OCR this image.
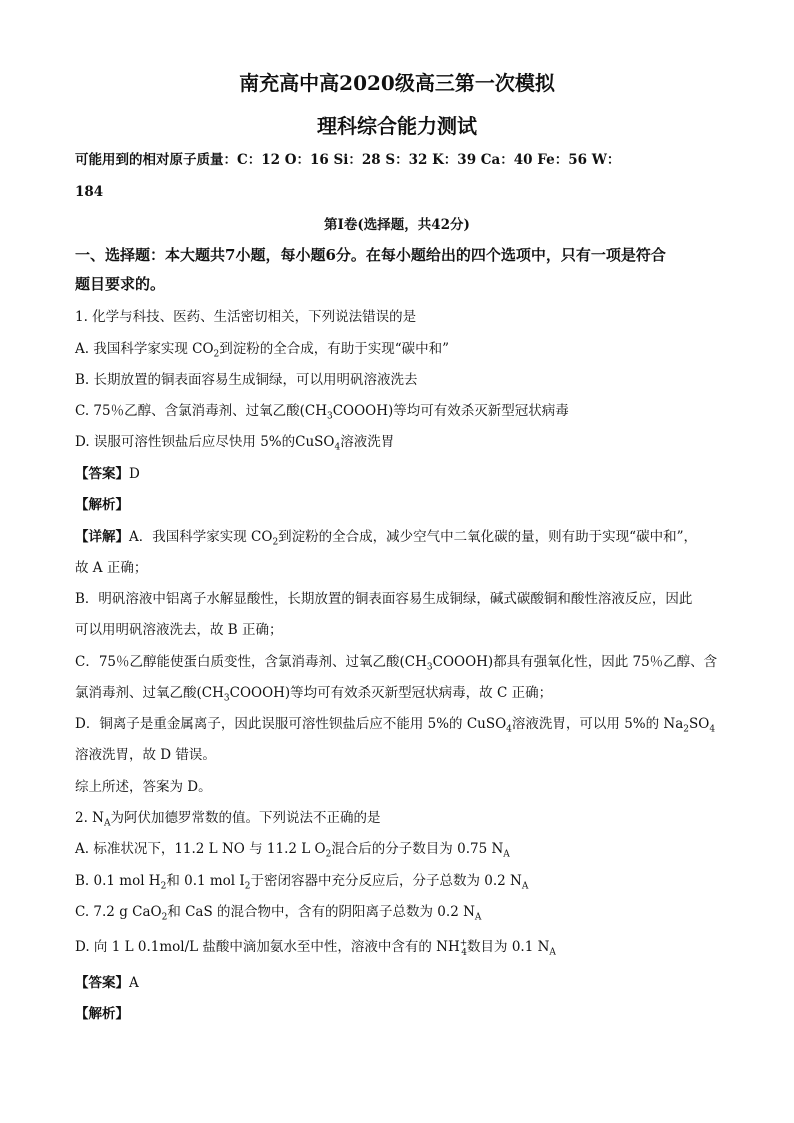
南充高中高2020级高三第一次模拟
理科综合能力测试
可能用到的相对原子质量：C：12 O：16 Si：28 S：32 K：39 Ca：40 Fe：56 W：
184
第Ⅰ卷(选择题，共42分)
一、选择题：本大题共7小题，每小题6分。在每小题给出的四个选项中，只有一项是符合
题目要求的。
1. 化学与科技、医药、生活密切相关，下列说法错误的是
A. 我国科学家实现 $CO_2$到淀粉的全合成，有助于实现“碳中和”
B. 长期放置的铜表面容易生成铜绿，可以用明矾溶液洗去
C. 75％乙醇、含氯消毒剂、过氧乙酸$(CH_3COOOH)$等均可有效杀灭新型冠状病毒
D. 误服可溶性钡盐后应尽快用 5%的CuSO$_4$溶液洗胃
【答案】D
【解析】
【详解】A．我国科学家实现 $CO_2$到淀粉的全合成，减少空气中二氧化碳的量，则有助于实现“碳中和”，
故 A 正确；
B．明矾溶液中铝离子水解显酸性，长期放置的铜表面容易生成铜绿，碱式碳酸铜和酸性溶液反应，因此
可以用明矾溶液洗去，故 B 正确；
C．75％乙醇能使蛋白质变性，含氯消毒剂、过氧乙酸$(CH_3COOOH)$都具有强氧化性，因此 75％乙醇、含
氯消毒剂、过氧乙酸$(CH_3COOOH)$等均可有效杀灭新型冠状病毒，故 C 正确；
D．铜离子是重金属离子，因此误服可溶性钡盐后应不能用 5%的 CuSO$_4$溶液洗胃，可以用 5%的 $Na_2SO_4$
溶液洗胃，故 D 错误。
综上所述，答案为 D。
2. $N_A$为阿伏加德罗常数的值。下列说法不正确的是
A. 标准状况下，11.2 L NO 与 11.2 L $O_2$混合后的分子数目为 0.75 $N_A$
B. 0.1 mol $H_2$和 0.1 mol $I_2$于密闭容器中充分反应后，分子总数为 0.2 $N_A$
C. 7.2 g CaO$_2$和 CaS 的混合物中，含有的阴阳离子总数为 0.2 $N_A$
D. 向 1 L 0.1mol/L 盐酸中滴加氨水至中性，溶液中含有的 $NH^+_4$数目为 0.1 $N_A$
【答案】A
【解析】
